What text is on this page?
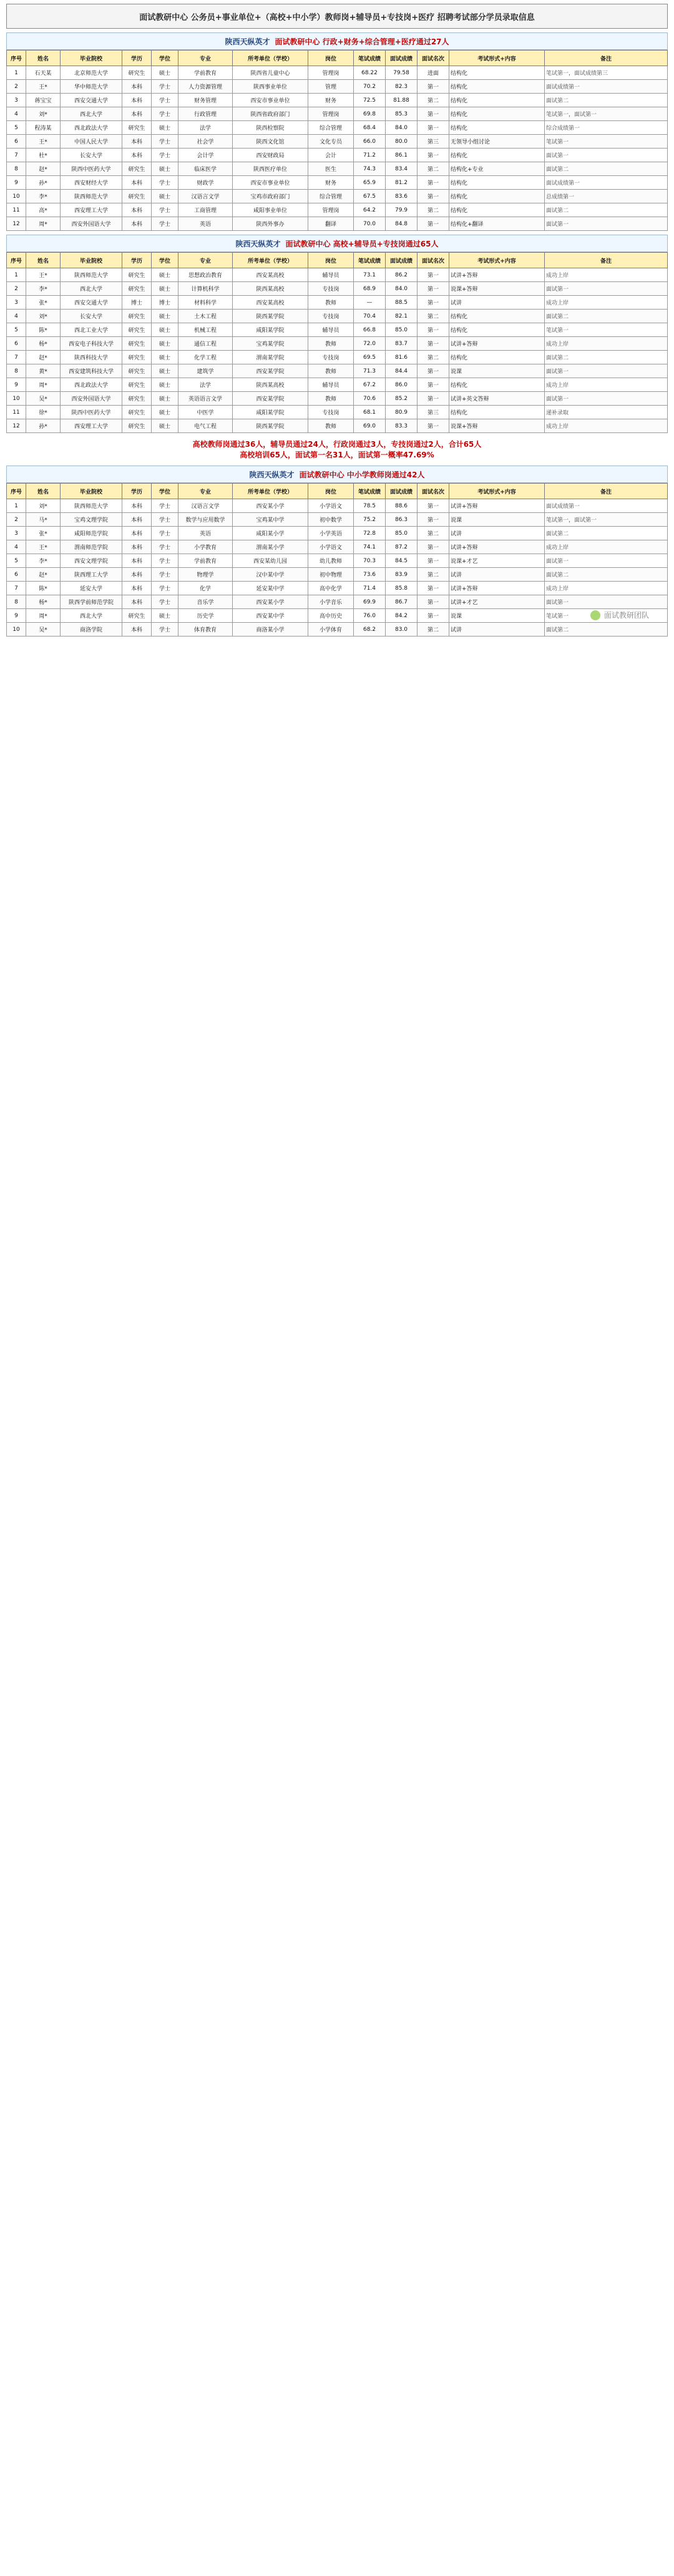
面试教研中心 公务员+事业单位+（高校+中小学）教师岗+辅导员+专技岗+医疗 招聘考试部分学员录取信息
陕西天纵英才 面试教研中心 行政+财务+综合管理+医疗通过27人
序号	姓名	毕业院校	学历	学位	专业	所考单位（学校）	岗位	笔试成绩	面试成绩	面试名次	考试形式+内容	备注
1	石天某	北京师范大学	研究生	硕士	学前教育	陕西省儿童中心	管理岗	68.22	79.58	进面	结构化	笔试第一，面试成绩第三
2	王*	华中师范大学	本科	学士	人力资源管理	陕西事业单位	管理	70.2	82.3	第一	结构化	面试成绩第一
3	蒋宝宝	西安交通大学	本科	学士	财务管理	西安市事业单位	财务	72.5	81.88	第二	结构化	面试第二
4	刘*	西北大学	本科	学士	行政管理	陕西省政府部门	管理岗	69.8	85.3	第一	结构化	笔试第一，面试第一
5	程涛某	西北政法大学	研究生	硕士	法学	陕西检察院	综合管理	68.4	84.0	第一	结构化	综合成绩第一
6	王*	中国人民大学	本科	学士	社会学	陕西文化馆	文化专员	66.0	80.0	第三	无领导小组讨论	笔试第一
7	杜*	长安大学	本科	学士	会计学	西安财政局	会计	71.2	86.1	第一	结构化	面试第一
8	赵*	陕西中医药大学	研究生	硕士	临床医学	陕西医疗单位	医生	74.3	83.4	第二	结构化+专业	面试第二
9	孙*	西安财经大学	本科	学士	财政学	西安市事业单位	财务	65.9	81.2	第一	结构化	面试成绩第一
10	李*	陕西师范大学	研究生	硕士	汉语言文学	宝鸡市政府部门	综合管理	67.5	83.6	第一	结构化	总成绩第一
11	高*	西安理工大学	本科	学士	工商管理	咸阳事业单位	管理岗	64.2	79.9	第二	结构化	面试第二
12	周*	西安外国语大学	本科	学士	英语	陕西外事办	翻译	70.0	84.8	第一	结构化+翻译	面试第一
陕西天纵英才 面试教研中心 高校+辅导员+专技岗通过65人
序号	姓名	毕业院校	学历	学位	专业	所考单位（学校）	岗位	笔试成绩	面试成绩	面试名次	考试形式+内容	备注
1	王*	陕西师范大学	研究生	硕士	思想政治教育	西安某高校	辅导员	73.1	86.2	第一	试讲+答辩	成功上岸
2	李*	西北大学	研究生	硕士	计算机科学	陕西某高校	专技岗	68.9	84.0	第一	说课+答辩	面试第一
3	张*	西安交通大学	博士	博士	材料科学	西安某高校	教师	—	88.5	第一	试讲	成功上岸
4	刘*	长安大学	研究生	硕士	土木工程	陕西某学院	专技岗	70.4	82.1	第二	结构化	面试第二
5	陈*	西北工业大学	研究生	硕士	机械工程	咸阳某学院	辅导员	66.8	85.0	第一	结构化	笔试第一
6	杨*	西安电子科技大学	研究生	硕士	通信工程	宝鸡某学院	教师	72.0	83.7	第一	试讲+答辩	成功上岸
7	赵*	陕西科技大学	研究生	硕士	化学工程	渭南某学院	专技岗	69.5	81.6	第二	结构化	面试第二
8	黄*	西安建筑科技大学	研究生	硕士	建筑学	西安某学院	教师	71.3	84.4	第一	说课	面试第一
9	周*	西北政法大学	研究生	硕士	法学	陕西某高校	辅导员	67.2	86.0	第一	结构化	成功上岸
10	吴*	西安外国语大学	研究生	硕士	英语语言文学	西安某学院	教师	70.6	85.2	第一	试讲+英文答辩	面试第一
11	徐*	陕西中医药大学	研究生	硕士	中医学	咸阳某学院	专技岗	68.1	80.9	第三	结构化	递补录取
12	孙*	西安理工大学	研究生	硕士	电气工程	陕西某学院	教师	69.0	83.3	第一	说课+答辩	成功上岸
高校教师岗通过36人，辅导员通过24人，行政岗通过3人，专技岗通过2人，合计65人
高校培训65人，面试第一名31人，面试第一概率47.69%
陕西天纵英才 面试教研中心 中小学教师岗通过42人
序号	姓名	毕业院校	学历	学位	专业	所考单位（学校）	岗位	笔试成绩	面试成绩	面试名次	考试形式+内容	备注
1	刘*	陕西师范大学	本科	学士	汉语言文学	西安某小学	小学语文	78.5	88.6	第一	试讲+答辩	面试成绩第一
2	马*	宝鸡文理学院	本科	学士	数学与应用数学	宝鸡某中学	初中数学	75.2	86.3	第一	说课	笔试第一，面试第一
3	张*	咸阳师范学院	本科	学士	英语	咸阳某小学	小学英语	72.8	85.0	第二	试讲	面试第二
4	王*	渭南师范学院	本科	学士	小学教育	渭南某小学	小学语文	74.1	87.2	第一	试讲+答辩	成功上岸
5	李*	西安文理学院	本科	学士	学前教育	西安某幼儿园	幼儿教师	70.3	84.5	第一	说课+才艺	面试第一
6	赵*	陕西理工大学	本科	学士	物理学	汉中某中学	初中物理	73.6	83.9	第二	试讲	面试第二
7	陈*	延安大学	本科	学士	化学	延安某中学	高中化学	71.4	85.8	第一	试讲+答辩	成功上岸
8	杨*	陕西学前师范学院	本科	学士	音乐学	西安某小学	小学音乐	69.9	86.7	第一	试讲+才艺	面试第一
9	周*	西北大学	研究生	硕士	历史学	西安某中学	高中历史	76.0	84.2	第一	说课	笔试第一
10	吴*	商洛学院	本科	学士	体育教育	商洛某小学	小学体育	68.2	83.0	第二	试讲	面试第二
面试教研团队
